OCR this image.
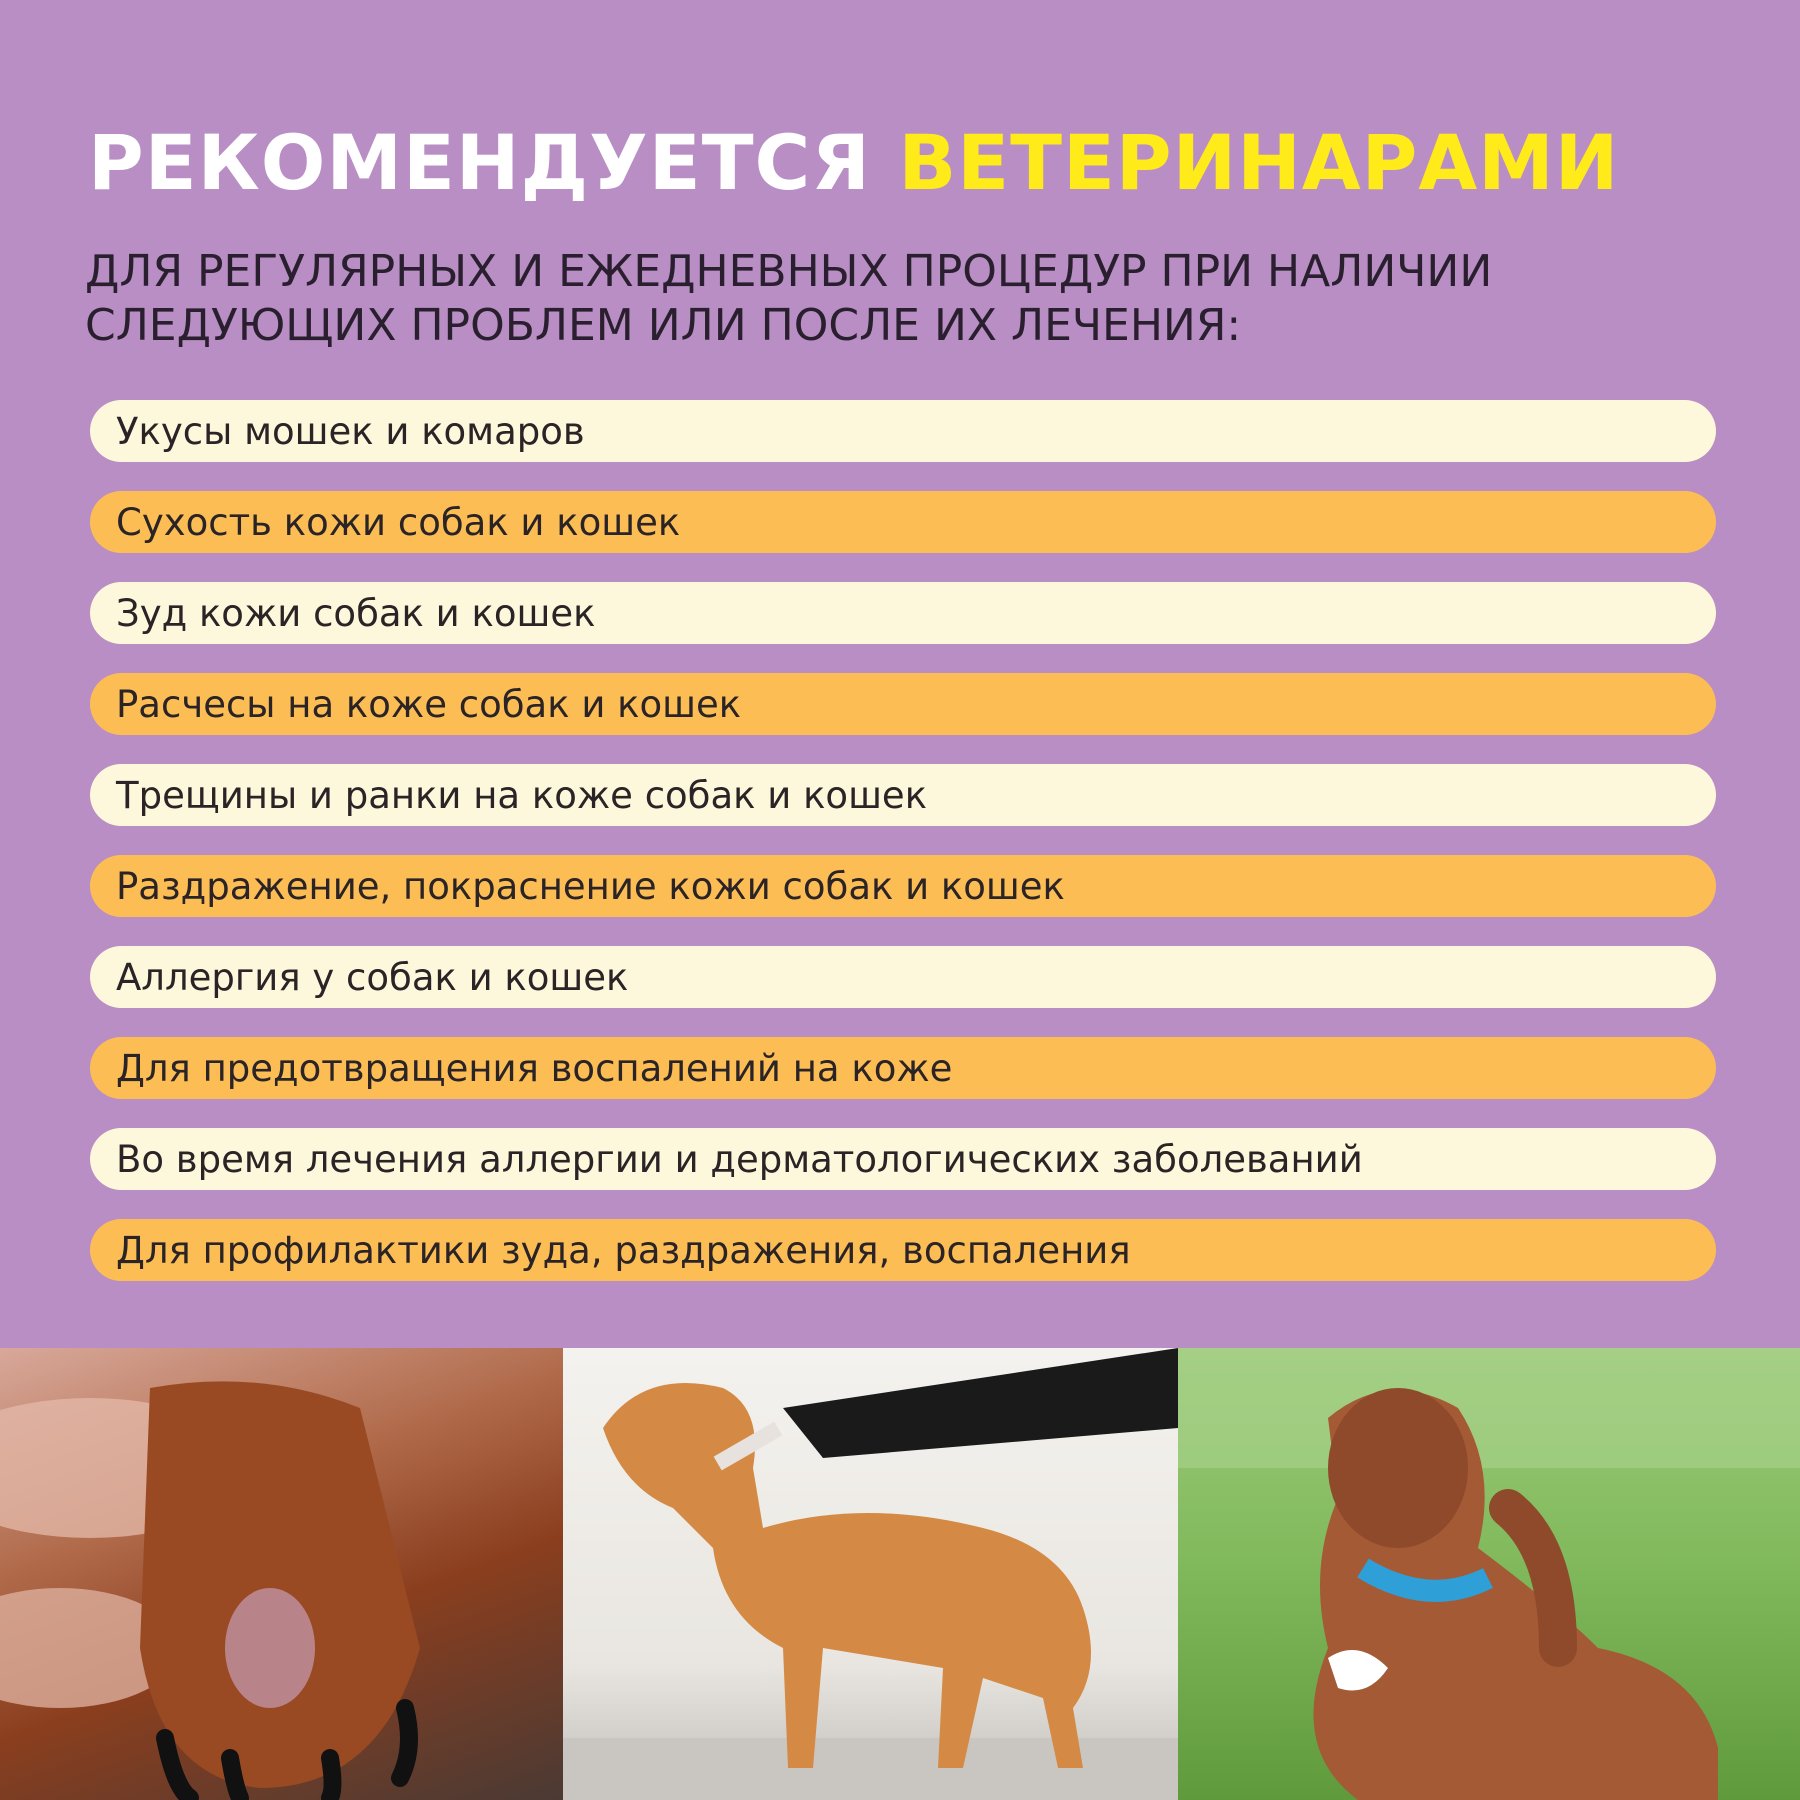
РЕКОМЕНДУЕТСЯ ВЕТЕРИНАРАМИ
ДЛЯ РЕГУЛЯРНЫХ И ЕЖЕДНЕВНЫХ ПРОЦЕДУР ПРИ НАЛИЧИИ СЛЕДУЮЩИХ ПРОБЛЕМ ИЛИ ПОСЛЕ ИХ ЛЕЧЕНИЯ:
Укусы мошек и комаров
Сухость кожи собак и кошек
Зуд кожи собак и кошек
Расчесы на коже собак и кошек
Трещины и ранки на коже собак и кошек
Раздражение, покраснение кожи собак и кошек
Аллергия у собак и кошек
Для предотвращения воспалений на коже
Во время лечения аллергии и дерматологических заболеваний
Для профилактики зуда, раздражения, воспаления
